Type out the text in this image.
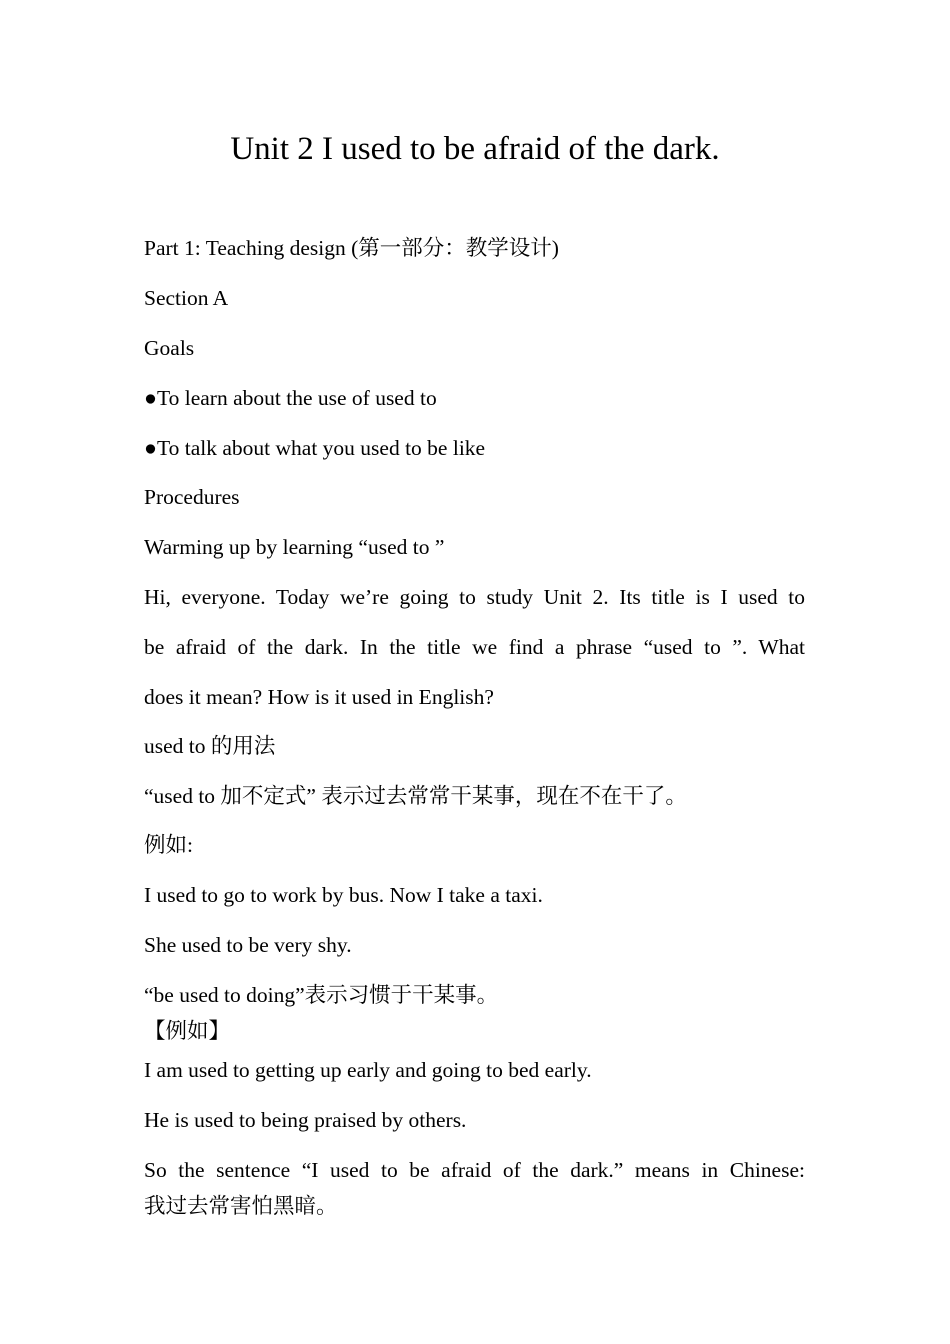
Unit 2 I used to be afraid of the dark.

Part 1: Teaching design (第一部分：教学设计)

Section A

Goals

●To learn about the use of used to

●To talk about what you used to be like

Procedures

Warming up by learning “used to ”

Hi, everyone. Today we’re going to study Unit 2. Its title is I used to

be afraid of the dark. In the title we find a phrase “used to ”. What

does it mean? How is it used in English?

used to 的用法

“used to 加不定式” 表示过去常常干某事，现在不在干了。

例如:

I used to go to work by bus. Now I take a taxi.

She used to be very shy.

“be used to doing”表示习惯于干某事。

【例如】

I am used to getting up early and going to bed early.

He is used to being praised by others.

So the sentence “I used to be afraid of the dark.” means in Chinese:

我过去常害怕黑暗。
